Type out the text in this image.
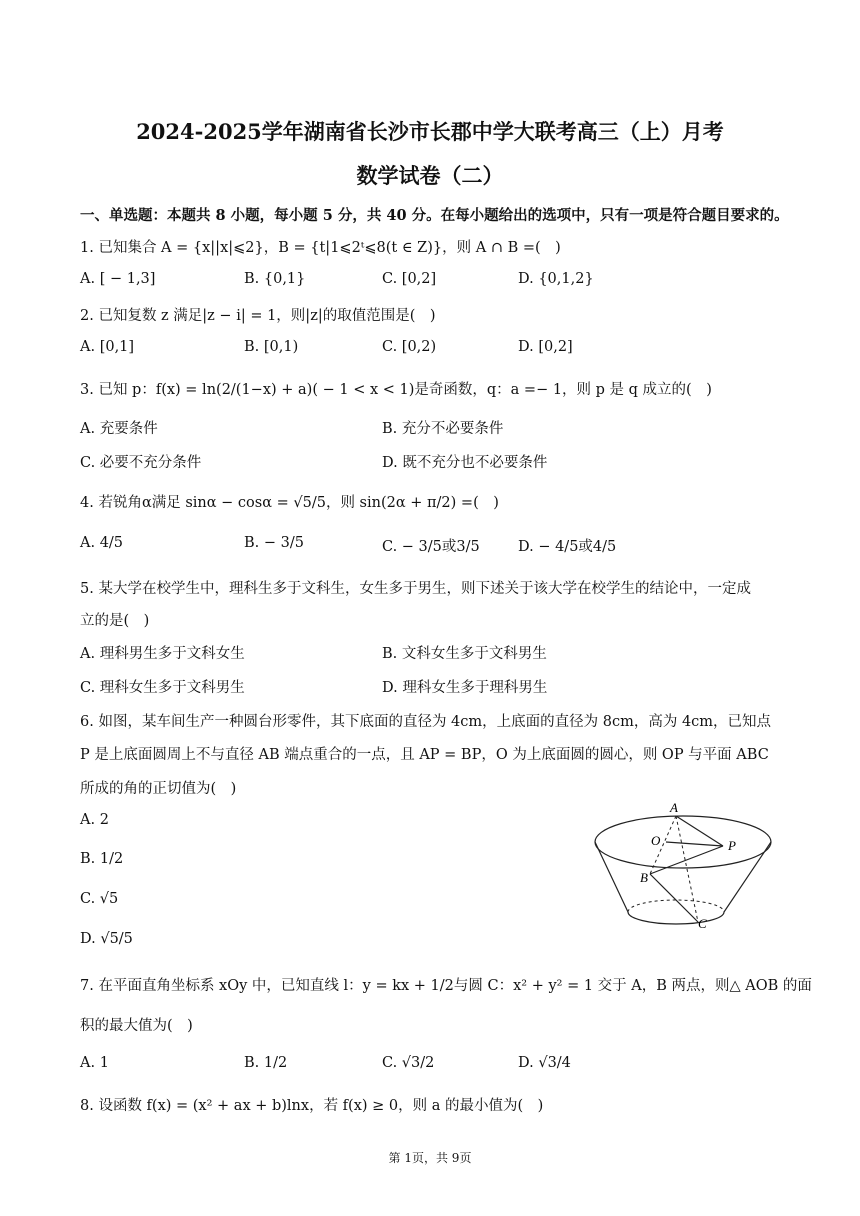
2024-2025学年湖南省长沙市长郡中学大联考高三（上）月考
数学试卷（二）
一、单选题：本题共 8 小题，每小题 5 分，共 40 分。在每小题给出的选项中，只有一项是符合题目要求的。
1. 已知集合 A = {x||x|⩽2}，B = {t|1⩽2ᵗ⩽8(t ∈ Z)}，则 A ∩ B =(　)
A. [ − 1,3]	B. {0,1}	C. [0,2]	D. {0,1,2}
2. 已知复数 z 满足|z − i| = 1，则|z|的取值范围是(　)
A. [0,1]	B. [0,1)	C. [0,2)	D. [0,2]
3. 已知 p：f(x) = ln(2/(1−x) + a)( − 1 < x < 1)是奇函数，q：a =− 1，则 p 是 q 成立的(　)
A. 充要条件	B. 充分不必要条件
C. 必要不充分条件	D. 既不充分也不必要条件
4. 若锐角α满足 sinα − cosα = √5/5，则 sin(2α + π/2) =(　)
A. 4/5	B. − 3/5	C. − 3/5或3/5	D. − 4/5或4/5
5. 某大学在校学生中，理科生多于文科生，女生多于男生，则下述关于该大学在校学生的结论中，一定成
立的是(　)
A. 理科男生多于文科女生	B. 文科女生多于文科男生
C. 理科女生多于文科男生	D. 理科女生多于理科男生
6. 如图，某车间生产一种圆台形零件，其下底面的直径为 4cm，上底面的直径为 8cm，高为 4cm，已知点
P 是上底面圆周上不与直径 AB 端点重合的一点，且 AP = BP，O 为上底面圆的圆心，则 OP 与平面 ABC
所成的角的正切值为(　)
A. 2
B. 1/2
C. √5
D. √5/5
A
O	P
B
C
7. 在平面直角坐标系 xOy 中，已知直线 l：y = kx + 1/2与圆 C：x² + y² = 1 交于 A，B 两点，则△ AOB 的面
积的最大值为(　)
A. 1	B. 1/2	C. √3/2	D. √3/4
8. 设函数 f(x) = (x² + ax + b)lnx，若 f(x) ≥ 0，则 a 的最小值为(　)
第 1页，共 9页
